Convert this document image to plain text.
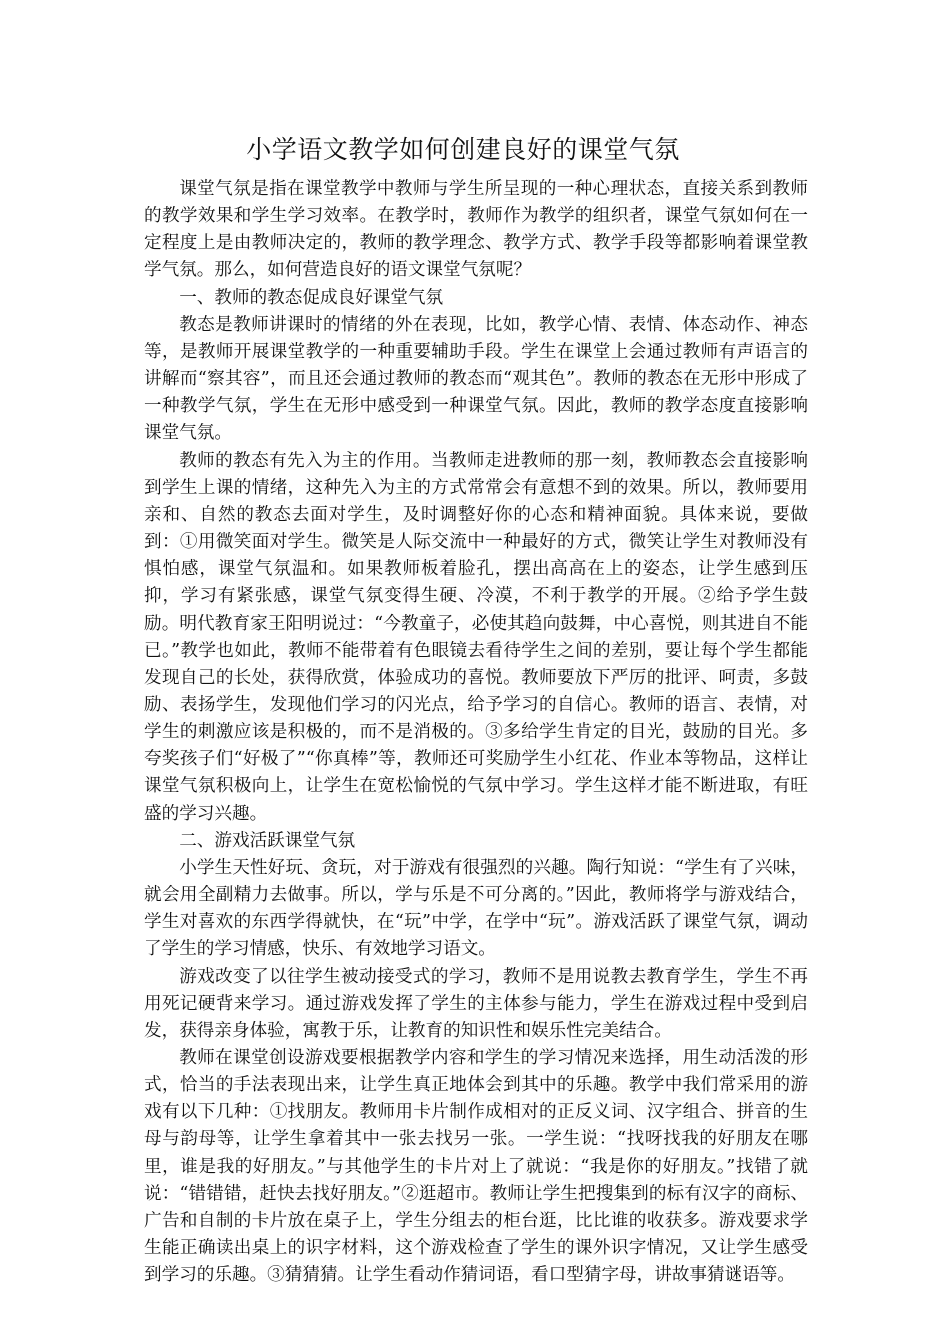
小学语文教学如何创建良好的课堂气氛

课堂气氛是指在课堂教学中教师与学生所呈现的一种心理状态，直接关系到教师的教学效果和学生学习效率。在教学时，教师作为教学的组织者，课堂气氛如何在一定程度上是由教师决定的，教师的教学理念、教学方式、教学手段等都影响着课堂教学气氛。那么，如何营造良好的语文课堂气氛呢？

一、教师的教态促成良好课堂气氛

教态是教师讲课时的情绪的外在表现，比如，教学心情、表情、体态动作、神态等，是教师开展课堂教学的一种重要辅助手段。学生在课堂上会通过教师有声语言的讲解而“察其容”，而且还会通过教师的教态而“观其色”。教师的教态在无形中形成了一种教学气氛，学生在无形中感受到一种课堂气氛。因此，教师的教学态度直接影响课堂气氛。

教师的教态有先入为主的作用。当教师走进教师的那一刻，教师教态会直接影响到学生上课的情绪，这种先入为主的方式常常会有意想不到的效果。所以，教师要用亲和、自然的教态去面对学生，及时调整好你的心态和精神面貌。具体来说，要做到：①用微笑面对学生。微笑是人际交流中一种最好的方式，微笑让学生对教师没有惧怕感，课堂气氛温和。如果教师板着脸孔，摆出高高在上的姿态，让学生感到压抑，学习有紧张感，课堂气氛变得生硬、冷漠，不利于教学的开展。②给予学生鼓励。明代教育家王阳明说过：“今教童子，必使其趋向鼓舞，中心喜悦，则其进自不能已。”教学也如此，教师不能带着有色眼镜去看待学生之间的差别，要让每个学生都能发现自己的长处，获得欣赏，体验成功的喜悦。教师要放下严厉的批评、呵责，多鼓励、表扬学生，发现他们学习的闪光点，给予学习的自信心。教师的语言、表情，对学生的刺激应该是积极的，而不是消极的。③多给学生肯定的目光，鼓励的目光。多夸奖孩子们“好极了”“你真棒”等，教师还可奖励学生小红花、作业本等物品，这样让课堂气氛积极向上，让学生在宽松愉悦的气氛中学习。学生这样才能不断进取，有旺盛的学习兴趣。

二、游戏活跃课堂气氛

小学生天性好玩、贪玩，对于游戏有很强烈的兴趣。陶行知说：“学生有了兴味，就会用全副精力去做事。所以，学与乐是不可分离的。”因此，教师将学与游戏结合，学生对喜欢的东西学得就快，在“玩”中学，在学中“玩”。游戏活跃了课堂气氛，调动了学生的学习情感，快乐、有效地学习语文。

游戏改变了以往学生被动接受式的学习，教师不是用说教去教育学生，学生不再用死记硬背来学习。通过游戏发挥了学生的主体参与能力，学生在游戏过程中受到启发，获得亲身体验，寓教于乐，让教育的知识性和娱乐性完美结合。

教师在课堂创设游戏要根据教学内容和学生的学习情况来选择，用生动活泼的形式，恰当的手法表现出来，让学生真正地体会到其中的乐趣。教学中我们常采用的游戏有以下几种：①找朋友。教师用卡片制作成相对的正反义词、汉字组合、拼音的生母与韵母等，让学生拿着其中一张去找另一张。一学生说：“找呀找我的好朋友在哪里，谁是我的好朋友。”与其他学生的卡片对上了就说：“我是你的好朋友。”找错了就说：“错错错，赶快去找好朋友。”②逛超市。教师让学生把搜集到的标有汉字的商标、广告和自制的卡片放在桌子上，学生分组去的柜台逛，比比谁的收获多。游戏要求学生能正确读出桌上的识字材料，这个游戏检查了学生的课外识字情况，又让学生感受到学习的乐趣。③猜猜猜。让学生看动作猜词语，看口型猜字母，讲故事猜谜语等。
